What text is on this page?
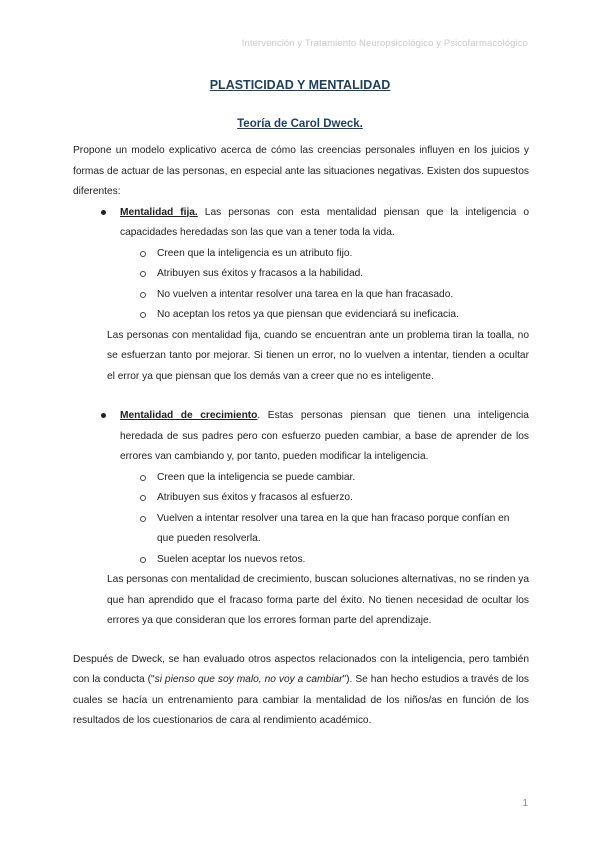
Intervención y Tratamiento Neuropsicológico y Psicofarmacológico
PLASTICIDAD Y MENTALIDAD
Teoría de Carol Dweck.

Propone un modelo explicativo acerca de cómo las creencias personales influyen en los juicios y formas de actuar de las personas, en especial ante las situaciones negativas. Existen dos supuestos diferentes:

Mentalidad fija. Las personas con esta mentalidad piensan que la inteligencia o capacidades heredadas son las que van a tener toda la vida.

Creen que la inteligencia es un atributo fijo.
Atribuyen sus éxitos y fracasos a la habilidad.
No vuelven a intentar resolver una tarea en la que han fracasado.
No aceptan los retos ya que piensan que evidenciará su ineficacia.

Las personas con mentalidad fija, cuando se encuentran ante un problema tiran la toalla, no se esfuerzan tanto por mejorar. Si tienen un error, no lo vuelven a intentar, tienden a ocultar el error ya que piensan que los demás van a creer que no es inteligente.

Mentalidad de crecimiento. Estas personas piensan que tienen una inteligencia heredada de sus padres pero con esfuerzo pueden cambiar, a base de aprender de los errores van cambiando y, por tanto, pueden modificar la inteligencia.

Creen que la inteligencia se puede cambiar.
Atribuyen sus éxitos y fracasos al esfuerzo.
Vuelven a intentar resolver una tarea en la que han fracaso porque confían en que pueden resolverla.
Suelen aceptar los nuevos retos.

Las personas con mentalidad de crecimiento, buscan soluciones alternativas, no se rinden ya que han aprendido que el fracaso forma parte del éxito. No tienen necesidad de ocultar los errores ya que consideran que los errores forman parte del aprendizaje.

Después de Dweck, se han evaluado otros aspectos relacionados con la inteligencia, pero también con la conducta ("si pienso que soy malo, no voy a cambiar"). Se han hecho estudios a través de los cuales se hacía un entrenamiento para cambiar la mentalidad de los niños/as en función de los resultados de los cuestionarios de cara al rendimiento académico.

1
